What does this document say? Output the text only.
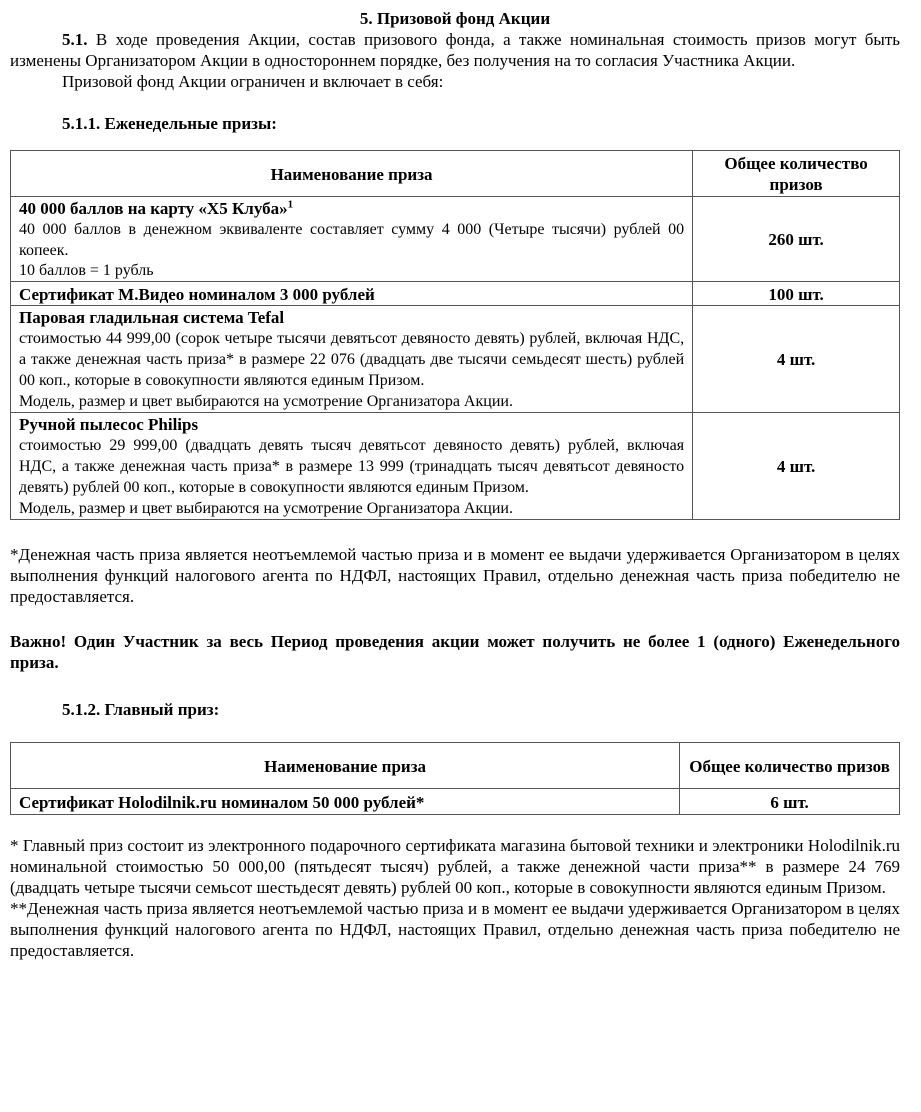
5. Призовой фонд Акции

5.1. В ходе проведения Акции, состав призового фонда, а также номинальная стоимость призов могут быть изменены Организатором Акции в одностороннем порядке, без получения на то согласия Участника Акции.

Призовой фонд Акции ограничен и включает в себя:

5.1.1. Еженедельные призы:

Наименование приза	Общее количество призов

40 000 баллов на карту «Х5 Клуба»$^1$
40 000 баллов в денежном эквиваленте составляет сумму 4 000 (Четыре тысячи) рублей 00 копеек.
10 баллов = 1 рубль	260 шт.

Сертификат М.Видео номиналом 3 000 рублей	100 шт.

Паровая гладильная система Tefal
стоимостью 44 999,00 (сорок четыре тысячи девятьсот девяносто девять) рублей, включая НДС, а также денежная часть приза* в размере 22 076 (двадцать две тысячи семьдесят шесть) рублей 00 коп., которые в совокупности являются единым Призом.
Модель, размер и цвет выбираются на усмотрение Организатора Акции.	4 шт.

Ручной пылесос Philips
стоимостью 29 999,00 (двадцать девять тысяч девятьсот девяносто девять) рублей, включая НДС, а также денежная часть приза* в размере 13 999 (тринадцать тысяч девятьсот девяносто девять) рублей 00 коп., которые в совокупности являются единым Призом.
Модель, размер и цвет выбираются на усмотрение Организатора Акции.	4 шт.

*Денежная часть приза является неотъемлемой частью приза и в момент ее выдачи удерживается Организатором в целях выполнения функций налогового агента по НДФЛ, настоящих Правил, отдельно денежная часть приза победителю не предоставляется.

Важно! Один Участник за весь Период проведения акции может получить не более 1 (одного) Еженедельного приза.

5.1.2. Главный приз:

Наименование приза	Общее количество призов

Сертификат Holodilnik.ru номиналом 50 000 рублей*	6 шт.

* Главный приз состоит из электронного подарочного сертификата магазина бытовой техники и электроники Holodilnik.ru номинальной стоимостью 50 000,00 (пятьдесят тысяч) рублей, а также денежной части приза** в размере 24 769 (двадцать четыре тысячи семьсот шестьдесят девять) рублей 00 коп., которые в совокупности являются единым Призом.

**Денежная часть приза является неотъемлемой частью приза и в момент ее выдачи удерживается Организатором в целях выполнения функций налогового агента по НДФЛ, настоящих Правил, отдельно денежная часть приза победителю не предоставляется.
